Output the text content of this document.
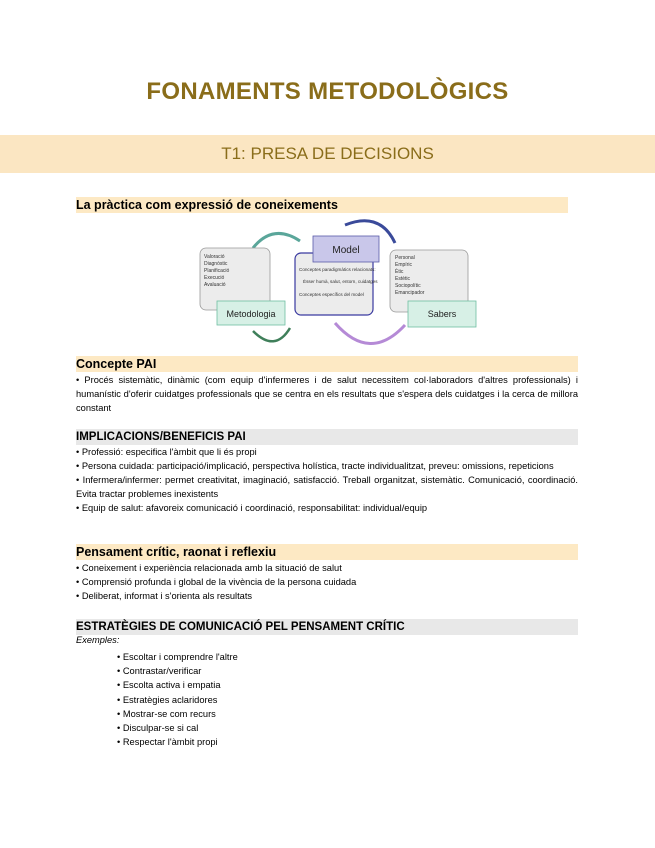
FONAMENTS METODOLÒGICS
T1: PRESA DE DECISIONS
La pràctica com expressió de coneixements
Valoració
Diagnòstic
Planificació
Execució
Avaluació
Metodologia
Conceptes paradigmàtics relacionats:
Ésser humà, salut, entorn, cuidatges
Conceptes específics del model
Model
Personal
Empíric
Ètic
Estètic
Sociopolític
Emancipador
Sabers
Concepte PAI
• Procés sistemàtic, dinàmic (com equip d'infermeres i de salut necessitem col·laboradors d'altres professionals) i humanístic d'oferir cuidatges professionals que se centra en els resultats que s'espera dels cuidatges i la cerca de millora constant
IMPLICACIONS/BENEFICIS PAI
• Professió: especifica l'àmbit que li és propi
• Persona cuidada: participació/implicació, perspectiva holística, tracte individualitzat, preveu: omissions, repeticions
• Infermera/infermer: permet creativitat, imaginació, satisfacció. Treball organitzat, sistemàtic. Comunicació, coordinació. Evita tractar problemes inexistents
• Equip de salut: afavoreix comunicació i coordinació, responsabilitat: individual/equip
Pensament crític, raonat i reflexiu
• Coneixement i experiència relacionada amb la situació de salut
• Comprensió profunda i global de la vivència de la persona cuidada
• Deliberat, informat i s'orienta als resultats
ESTRATÈGIES DE COMUNICACIÓ PEL PENSAMENT CRÍTIC
Exemples:
• Escoltar i comprendre l'altre
• Contrastar/verificar
• Escolta activa i empatia
• Estratègies aclaridores
• Mostrar-se com recurs
• Disculpar-se si cal
• Respectar l'àmbit propi
